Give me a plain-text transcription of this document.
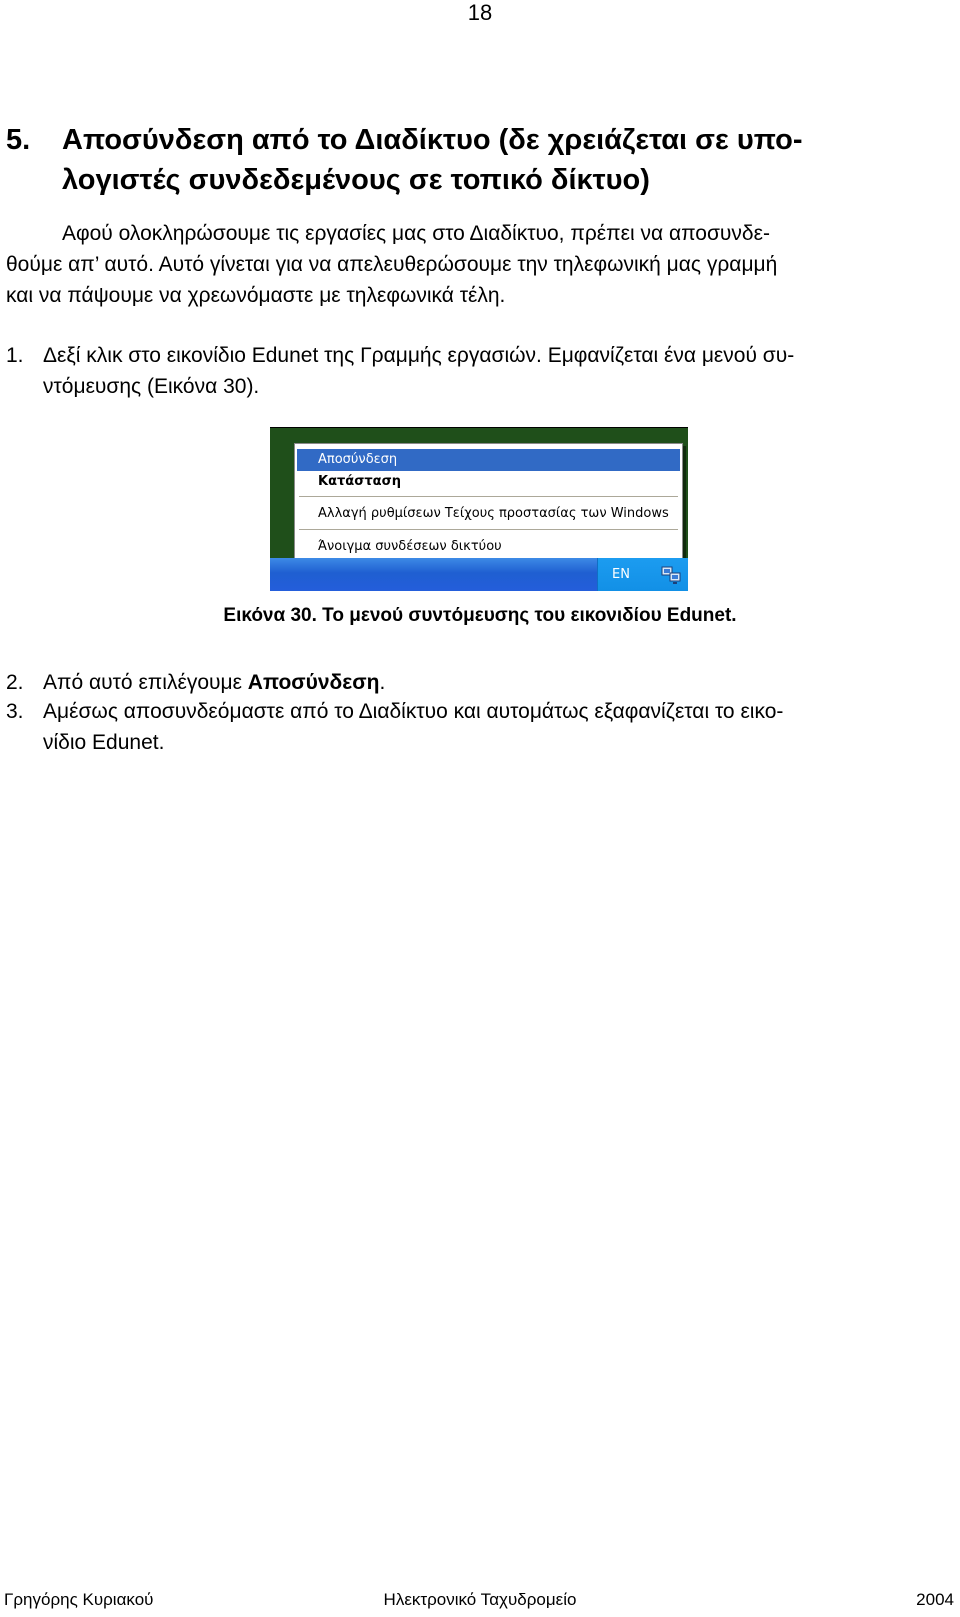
18
5.	Αποσύνδεση από το Διαδίκτυο (δε χρειάζεται σε υπο-
λογιστές συνδεδεμένους σε τοπικό δίκτυο)
Αφού ολοκληρώσουμε τις εργασίες μας στο Διαδίκτυο, πρέπει να αποσυνδε-
θούμε απ’ αυτό. Αυτό γίνεται για να απελευθερώσουμε την τηλεφωνική μας γραμμή
και να πάψουμε να χρεωνόμαστε με τηλεφωνικά τέλη.
1. Δεξί κλικ στο εικονίδιο Edunet της Γραμμής εργασιών. Εμφανίζεται ένα μενού συ-
ντόμευσης (Εικόνα 30).
Αποσύνδεση
Κατάσταση
Αλλαγή ρυθμίσεων Τείχους προστασίας των Windows
Άνοιγμα συνδέσεων δικτύου
EN
Εικόνα 30. Το μενού συντόμευσης του εικονιδίου Edunet.
2. Από αυτό επιλέγουμε Αποσύνδεση.
3. Αμέσως αποσυνδεόμαστε από το Διαδίκτυο και αυτομάτως εξαφανίζεται το εικο-
νίδιο Edunet.
Γρηγόρης Κυριακού	Ηλεκτρονικό Ταχυδρομείο	2004
